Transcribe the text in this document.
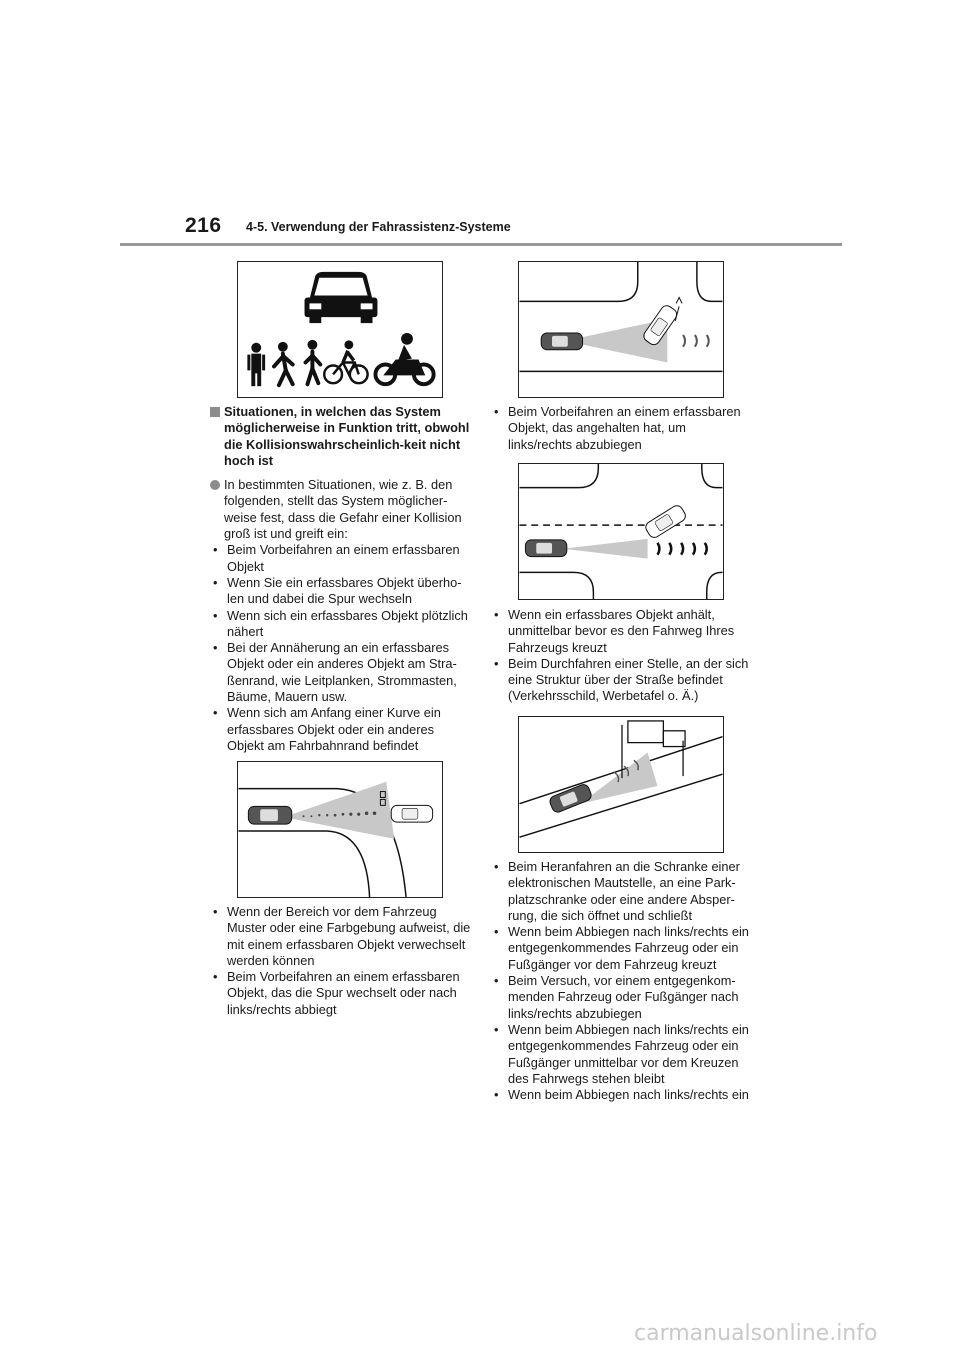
216 4-5. Verwendung der Fahrassistenz-Systeme
Situationen, in welchen das System möglicherweise in Funktion tritt, obwohl die Kollisionswahrscheinlich-keit nicht hoch ist
In bestimmten Situationen, wie z. B. den folgenden, stellt das System möglicher-weise fest, dass die Gefahr einer Kollision groß ist und greift ein:
• Beim Vorbeifahren an einem erfassbaren Objekt
• Wenn Sie ein erfassbares Objekt überho-len und dabei die Spur wechseln
• Wenn sich ein erfassbares Objekt plötzlich nähert
• Bei der Annäherung an ein erfassbares Objekt oder ein anderes Objekt am Stra-ßenrand, wie Leitplanken, Strommasten, Bäume, Mauern usw.
• Wenn sich am Anfang einer Kurve ein erfassbares Objekt oder ein anderes Objekt am Fahrbahnrand befindet
• Wenn der Bereich vor dem Fahrzeug Muster oder eine Farbgebung aufweist, die mit einem erfassbaren Objekt verwechselt werden können
• Beim Vorbeifahren an einem erfassbaren Objekt, das die Spur wechselt oder nach links/rechts abbiegt
• Beim Vorbeifahren an einem erfassbaren Objekt, das angehalten hat, um links/rechts abzubiegen
• Wenn ein erfassbares Objekt anhält, unmittelbar bevor es den Fahrweg Ihres Fahrzeugs kreuzt
• Beim Durchfahren einer Stelle, an der sich eine Struktur über der Straße befindet (Verkehrsschild, Werbetafel o. Ä.)
• Beim Heranfahren an die Schranke einer elektronischen Mautstelle, an eine Park-platzschranke oder eine andere Absper-rung, die sich öffnet und schließt
• Wenn beim Abbiegen nach links/rechts ein entgegenkommendes Fahrzeug oder ein Fußgänger vor dem Fahrzeug kreuzt
• Beim Versuch, vor einem entgegenkom-menden Fahrzeug oder Fußgänger nach links/rechts abzubiegen
• Wenn beim Abbiegen nach links/rechts ein entgegenkommendes Fahrzeug oder ein Fußgänger unmittelbar vor dem Kreuzen des Fahrwegs stehen bleibt
• Wenn beim Abbiegen nach links/rechts ein
carmanualsonline.info
